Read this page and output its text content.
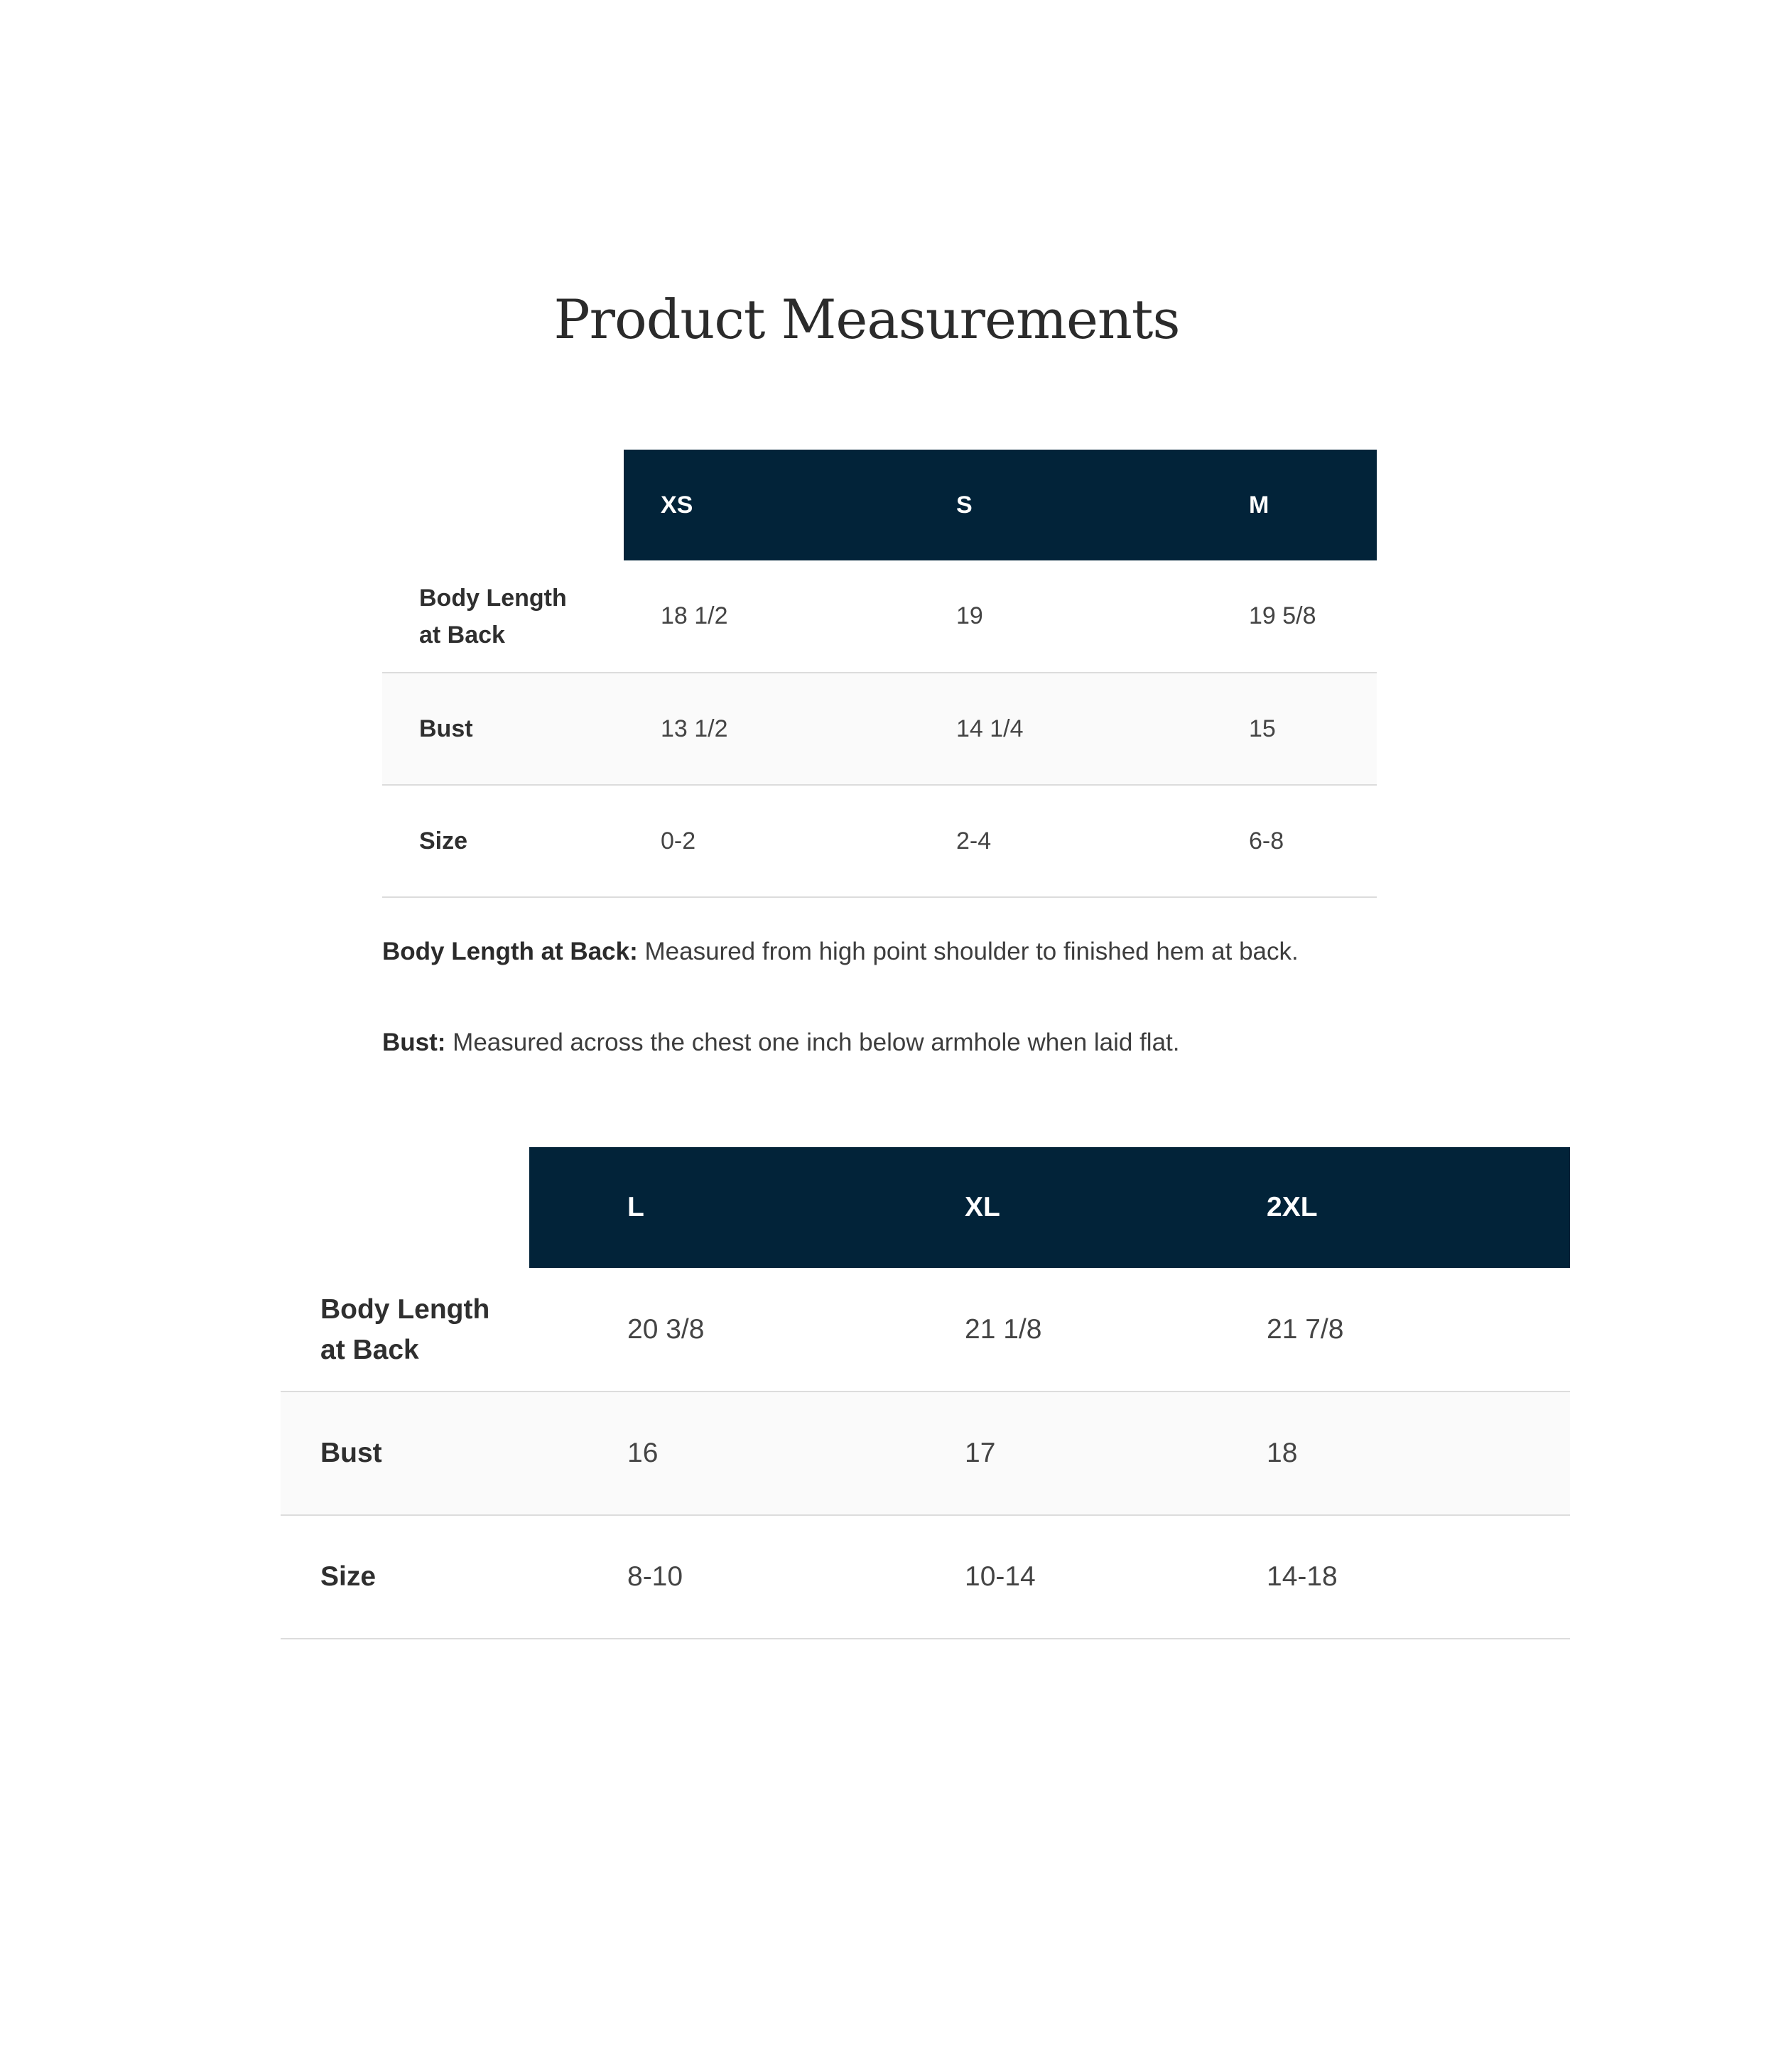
Product Measurements
	XS	S	M
Body Length at Back	18 1/2	19	19 5/8
Bust	13 1/2	14 1/4	15
Size	0-2	2-4	6-8

Body Length at Back: Measured from high point shoulder to finished hem at back.

Bust: Measured across the chest one inch below armhole when laid flat.

	L	XL	2XL
Body Length at Back	20 3/8	21 1/8	21 7/8
Bust	16	17	18
Size	8-10	10-14	14-18
